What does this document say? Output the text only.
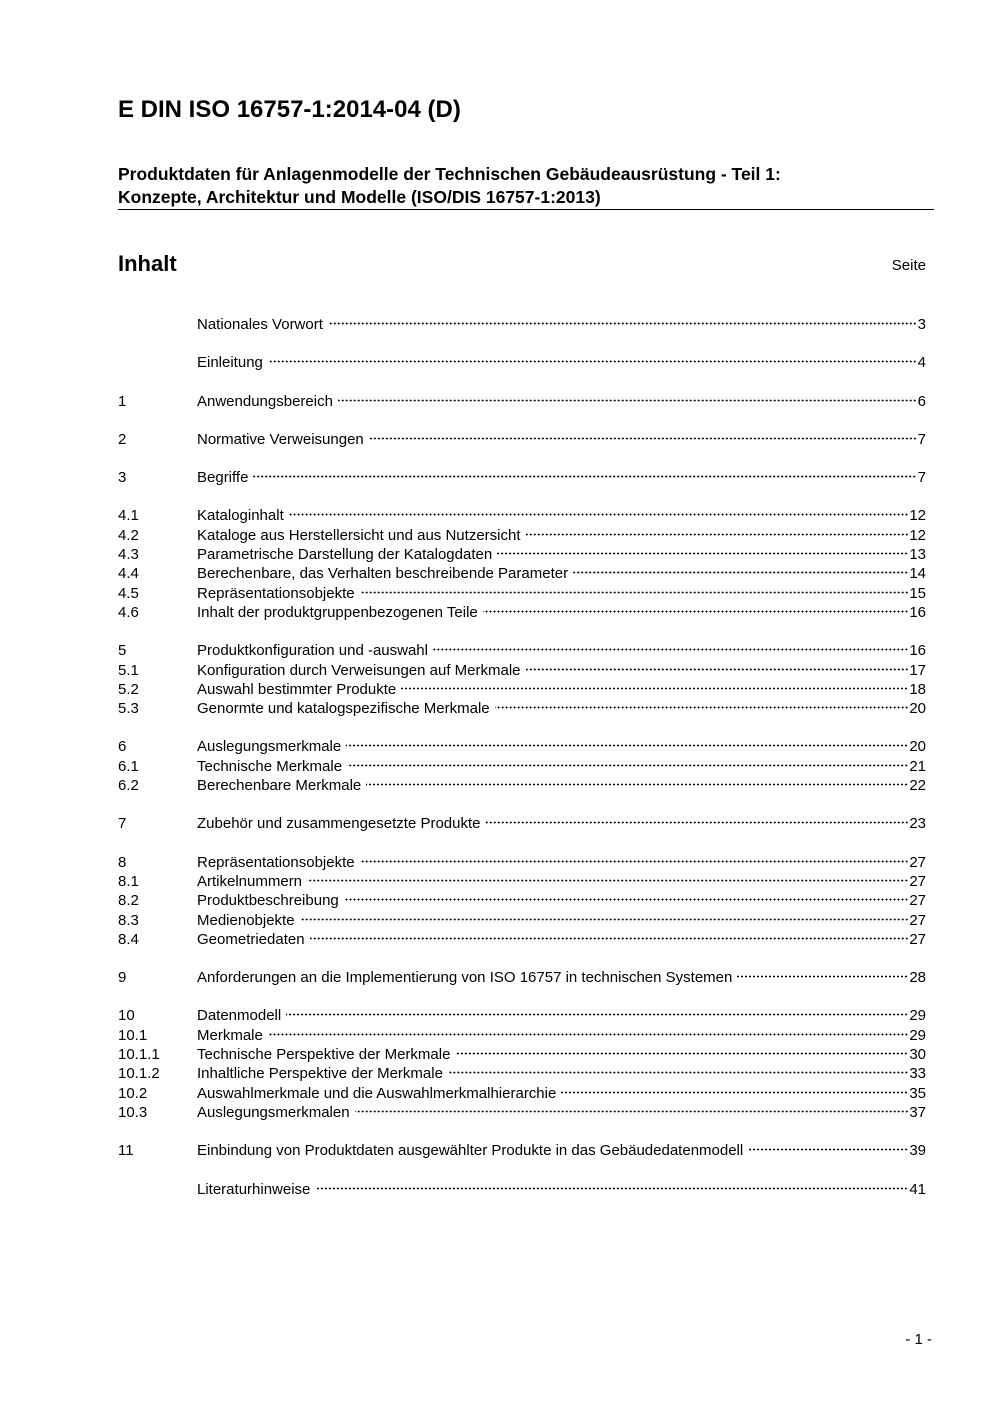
E DIN ISO 16757-1:2014-04 (D)
Produktdaten für Anlagenmodelle der Technischen Gebäudeausrüstung - Teil 1:
Konzepte, Architektur und Modelle (ISO/DIS 16757-1:2013)
Inhalt	Seite
Nationales Vorwort	3
Einleitung	4
1	Anwendungsbereich	6
2	Normative Verweisungen	7
3	Begriffe	7
4.1	Kataloginhalt	12
4.2	Kataloge aus Herstellersicht und aus Nutzersicht	12
4.3	Parametrische Darstellung der Katalogdaten	13
4.4	Berechenbare, das Verhalten beschreibende Parameter	14
4.5	Repräsentationsobjekte	15
4.6	Inhalt der produktgruppenbezogenen Teile	16
5	Produktkonfiguration und -auswahl	16
5.1	Konfiguration durch Verweisungen auf Merkmale	17
5.2	Auswahl bestimmter Produkte	18
5.3	Genormte und katalogspezifische Merkmale	20
6	Auslegungsmerkmale	20
6.1	Technische Merkmale	21
6.2	Berechenbare Merkmale	22
7	Zubehör und zusammengesetzte Produkte	23
8	Repräsentationsobjekte	27
8.1	Artikelnummern	27
8.2	Produktbeschreibung	27
8.3	Medienobjekte	27
8.4	Geometriedaten	27
9	Anforderungen an die Implementierung von ISO 16757 in technischen Systemen	28
10	Datenmodell	29
10.1	Merkmale	29
10.1.1	Technische Perspektive der Merkmale	30
10.1.2	Inhaltliche Perspektive der Merkmale	33
10.2	Auswahlmerkmale und die Auswahlmerkmalhierarchie	35
10.3	Auslegungsmerkmalen	37
11	Einbindung von Produktdaten ausgewählter Produkte in das Gebäudedatenmodell	39
Literaturhinweise	41
- 1 -
